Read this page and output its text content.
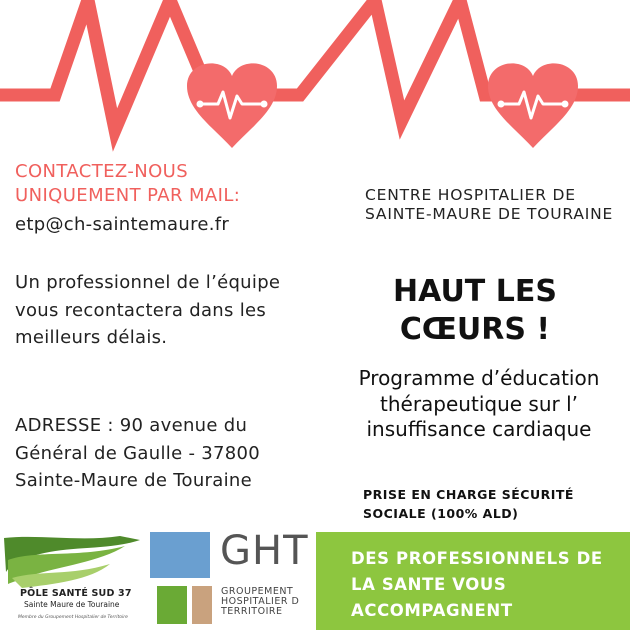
CONTACTEZ-NOUS UNIQUEMENT PAR MAIL:

etp@ch-saintemaure.fr

Un professionnel de l’équipe vous recontactera dans les meilleurs délais.

ADRESSE : 90 avenue du Général de Gaulle - 37800 Sainte-Maure de Touraine

CENTRE HOSPITALIER DE SAINTE-MAURE DE TOURAINE

HAUT LES CŒURS !

Programme d’éducation thérapeutique sur l’ insuffisance cardiaque

PRISE EN CHARGE SÉCURITÉ SOCIALE (100% ALD)

PÔLE SANTÉ SUD 37
Sainte Maure de Touraine
Membre du Groupement Hospitalier de Territoire
GHT
GROUPEMENT
HOSPITALIER D
TERRITOIRE

DES PROFESSIONNELS DE LA SANTE VOUS ACCOMPAGNENT
